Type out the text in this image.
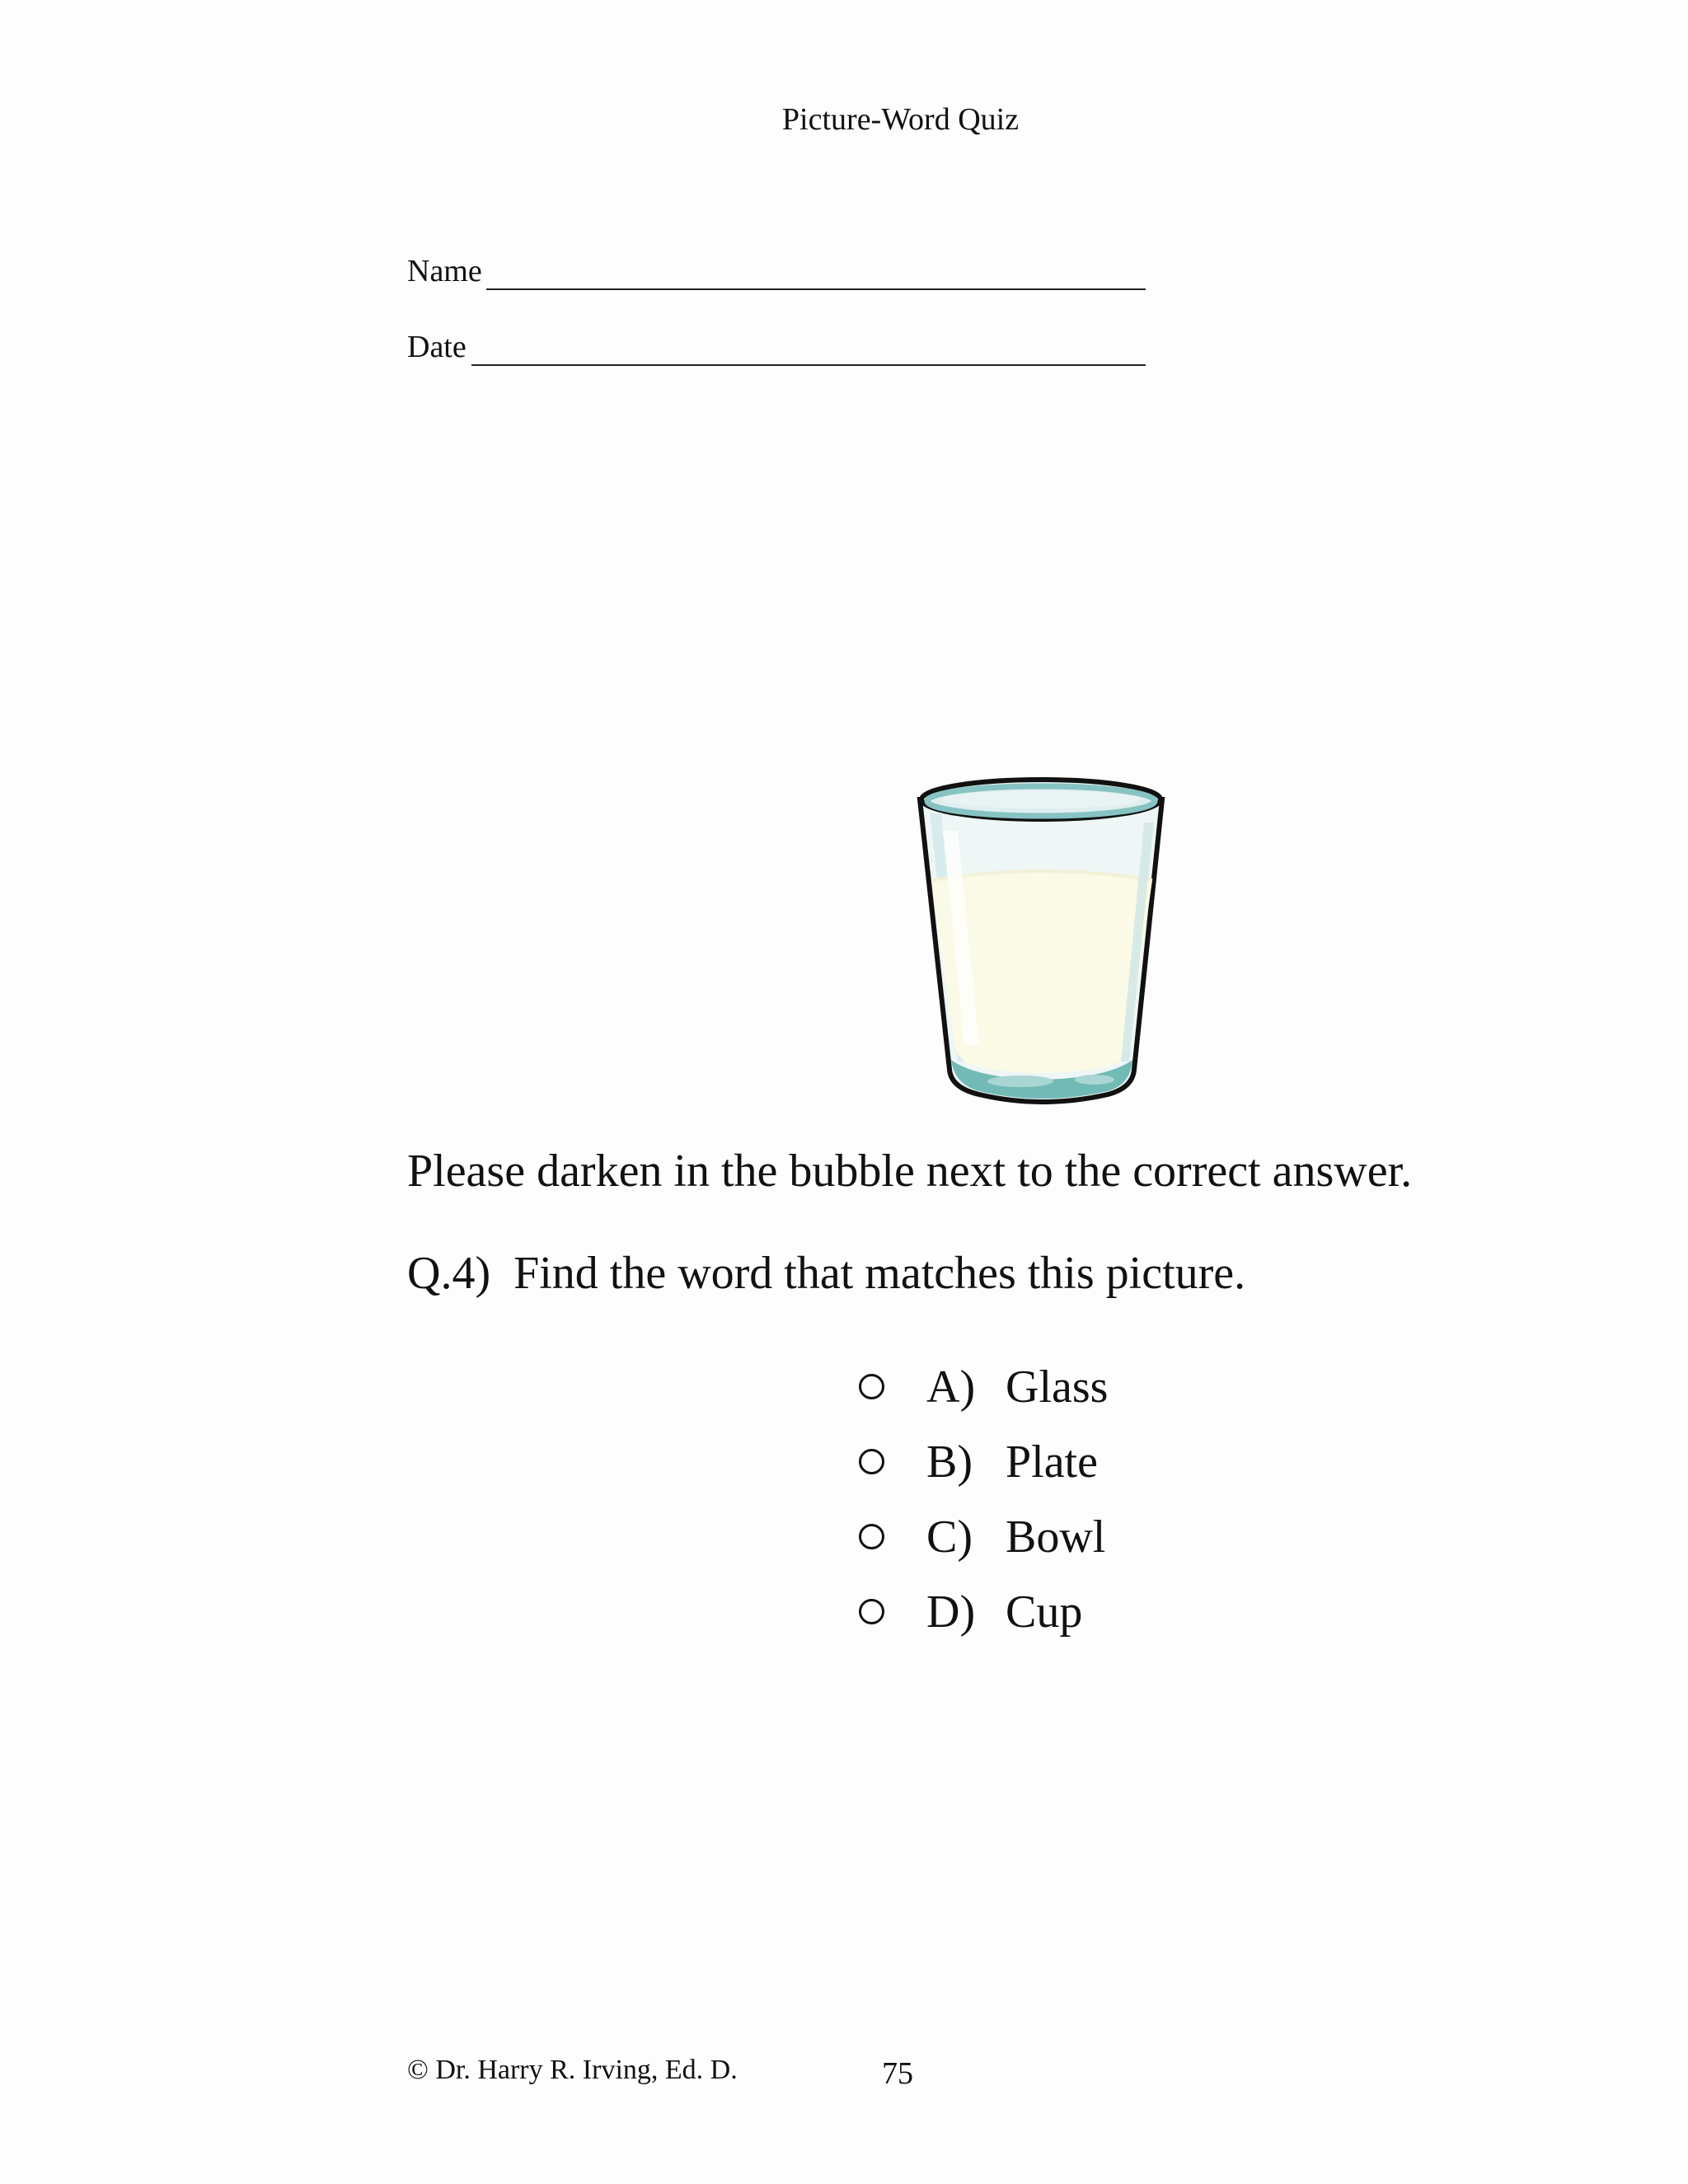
Picture-Word Quiz
Name
Date
Please darken in the bubble next to the correct answer.
Q.4) Find the word that matches this picture.
A) Glass
B) Plate
C) Bowl
D) Cup
© Dr. Harry R. Irving, Ed. D.	75
